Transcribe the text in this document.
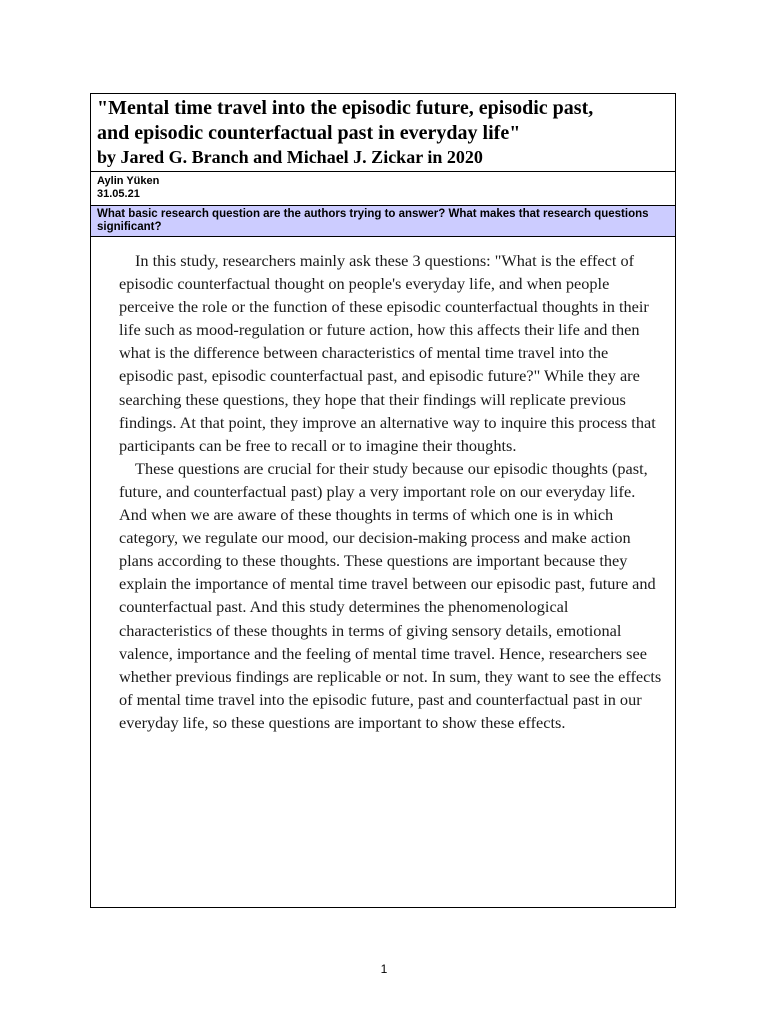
"Mental time travel into the episodic future, episodic past,
and episodic counterfactual past in everyday life"
by Jared G. Branch and Michael J. Zickar in 2020
Aylin Yüken
31.05.21
What basic research question are the authors trying to answer? What makes that research questions significant?

In this study, researchers mainly ask these 3 questions: "What is the effect of episodic counterfactual thought on people's everyday life, and when people perceive the role or the function of these episodic counterfactual thoughts in their life such as mood-regulation or future action, how this affects their life and then what is the difference between characteristics of mental time travel into the episodic past, episodic counterfactual past, and episodic future?" While they are searching these questions, they hope that their findings will replicate previous findings. At that point, they improve an alternative way to inquire this process that participants can be free to recall or to imagine their thoughts.

These questions are crucial for their study because our episodic thoughts (past, future, and counterfactual past) play a very important role on our everyday life. And when we are aware of these thoughts in terms of which one is in which category, we regulate our mood, our decision-making process and make action plans according to these thoughts. These questions are important because they explain the importance of mental time travel between our episodic past, future and counterfactual past. And this study determines the phenomenological characteristics of these thoughts in terms of giving sensory details, emotional valence, importance and the feeling of mental time travel. Hence, researchers see whether previous findings are replicable or not. In sum, they want to see the effects of mental time travel into the episodic future, past and counterfactual past in our everyday life, so these questions are important to show these effects.

1
